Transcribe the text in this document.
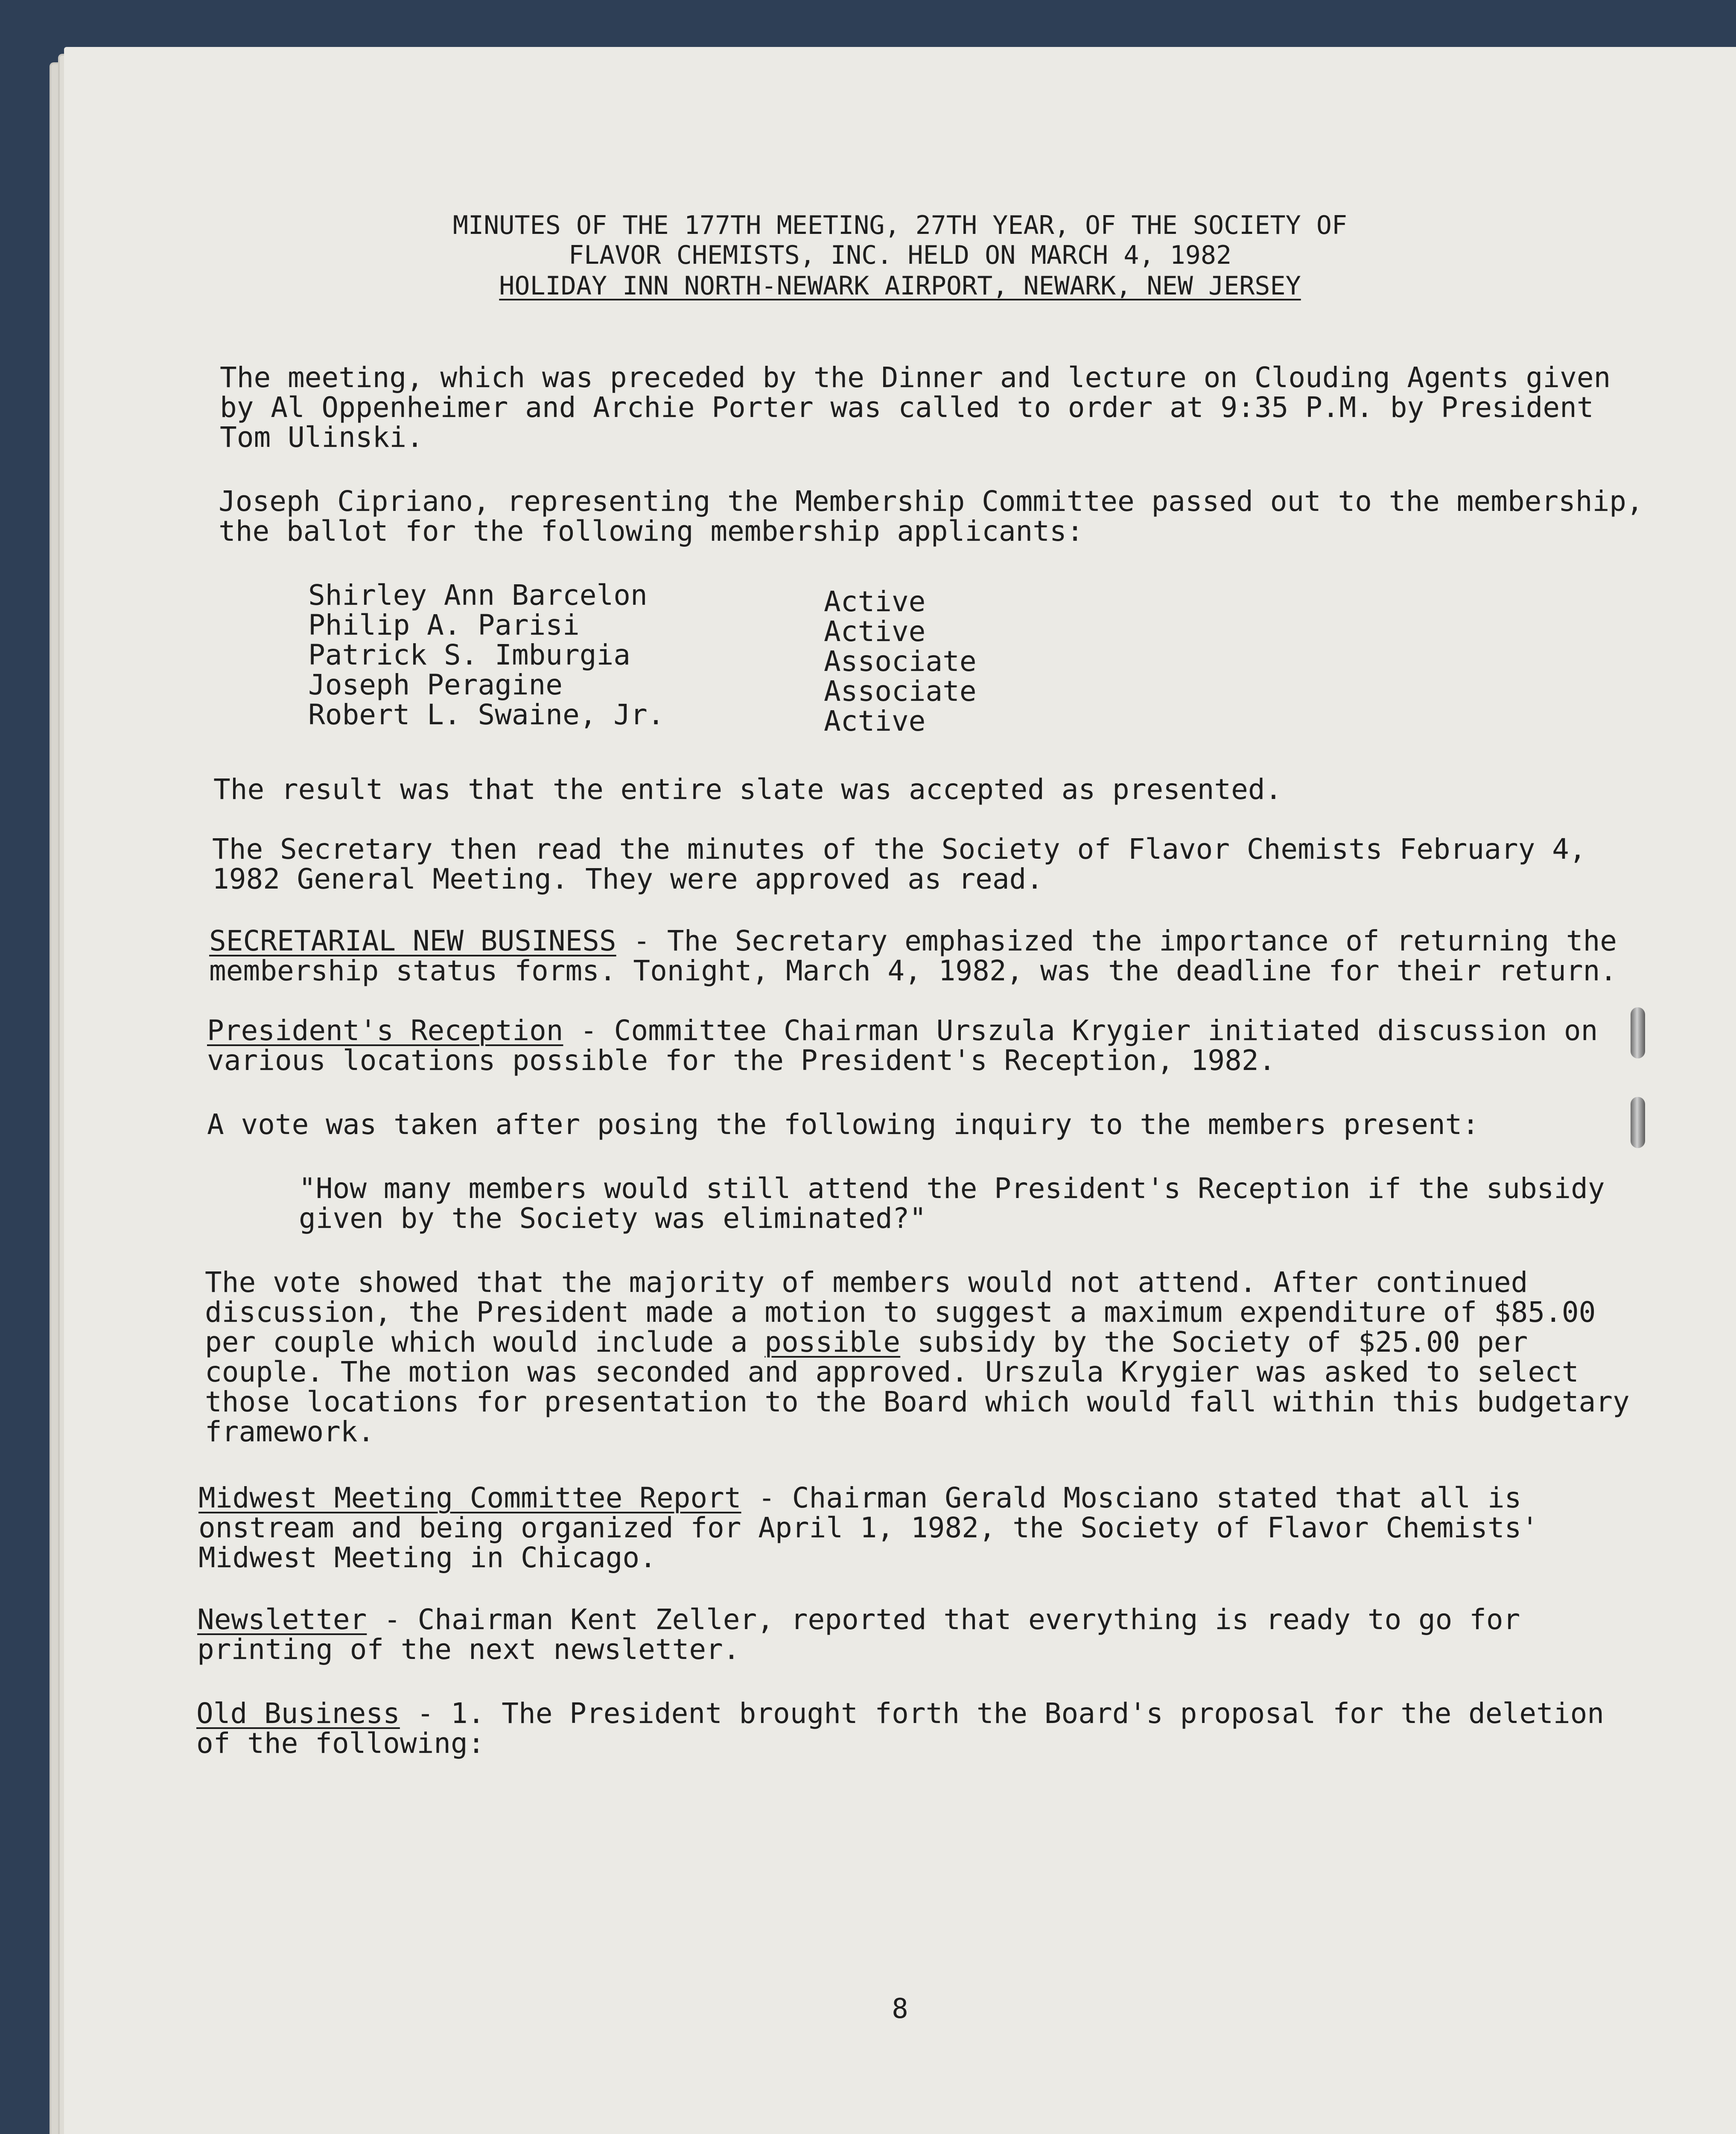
MINUTES OF THE 177TH MEETING, 27TH YEAR, OF THE SOCIETY OF
FLAVOR CHEMISTS, INC. HELD ON MARCH 4, 1982
HOLIDAY INN NORTH-NEWARK AIRPORT, NEWARK, NEW JERSEY
The meeting, which was preceded by the Dinner and lecture on Clouding Agents given
by Al Oppenheimer and Archie Porter was called to order at 9:35 P.M. by President
Tom Ulinski.
Joseph Cipriano, representing the Membership Committee passed out to the membership,
the ballot for the following membership applicants:
Shirley Ann Barcelon	Active
Philip A. Parisi	Active
Patrick S. Imburgia	Associate
Joseph Peragine	Associate
Robert L. Swaine, Jr.	Active
The result was that the entire slate was accepted as presented.
The Secretary then read the minutes of the Society of Flavor Chemists February 4,
1982 General Meeting. They were approved as read.
SECRETARIAL NEW BUSINESS - The Secretary emphasized the importance of returning the
membership status forms. Tonight, March 4, 1982, was the deadline for their return.
President's Reception - Committee Chairman Urszula Krygier initiated discussion on
various locations possible for the President's Reception, 1982.
A vote was taken after posing the following inquiry to the members present:
"How many members would still attend the President's Reception if the subsidy
given by the Society was eliminated?"
The vote showed that the majority of members would not attend. After continued
discussion, the President made a motion to suggest a maximum expenditure of $85.00
per couple which would include a possible subsidy by the Society of $25.00 per
couple. The motion was seconded and approved. Urszula Krygier was asked to select
those locations for presentation to the Board which would fall within this budgetary
framework.
Midwest Meeting Committee Report - Chairman Gerald Mosciano stated that all is
onstream and being organized for April 1, 1982, the Society of Flavor Chemists'
Midwest Meeting in Chicago.
Newsletter - Chairman Kent Zeller, reported that everything is ready to go for
printing of the next newsletter.
Old Business - 1. The President brought forth the Board's proposal for the deletion
of the following:
8
